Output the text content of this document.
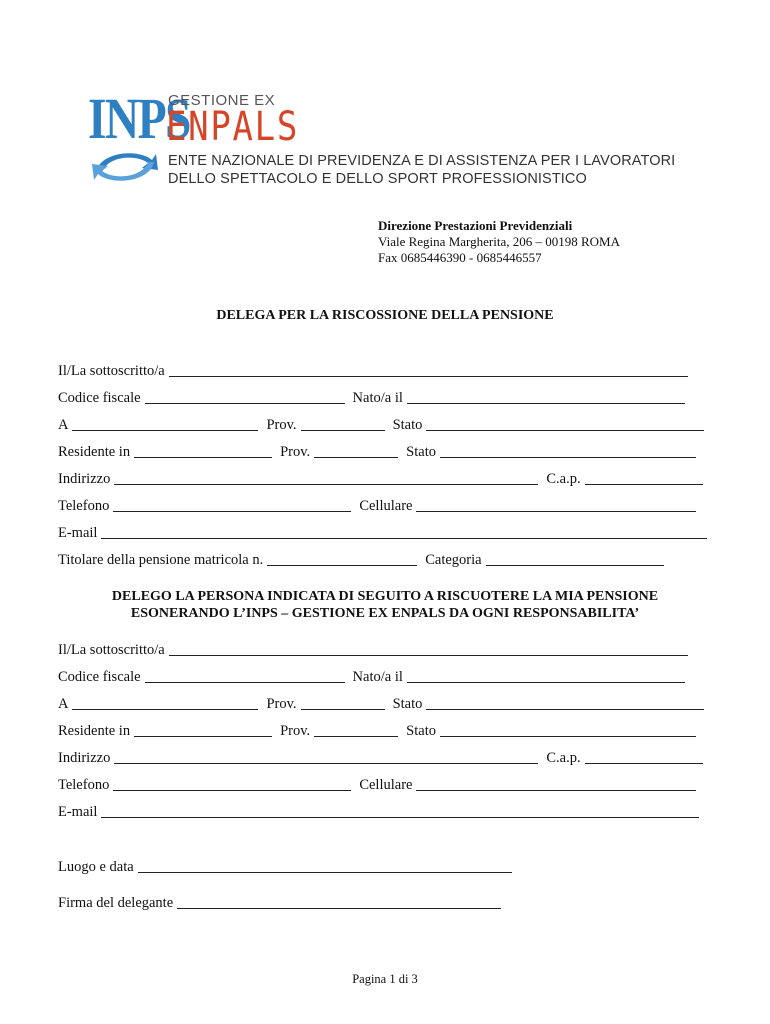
INPS
GESTIONE EX
ENPALS
ENTE NAZIONALE DI PREVIDENZA E DI ASSISTENZA PER I LAVORATORI
DELLO SPETTACOLO E DELLO SPORT PROFESSIONISTICO
Direzione Prestazioni Previdenziali
Viale Regina Margherita, 206 – 00198 ROMA
Fax 0685446390 - 0685446557
DELEGA PER LA RISCOSSIONE DELLA PENSIONE
Il/La sottoscritto/a
Codice fiscale	Nato/a il
A	Prov.	Stato
Residente in	Prov.	Stato
Indirizzo	C.a.p.
Telefono	Cellulare
E-mail
Titolare della pensione matricola n.	Categoria
DELEGO LA PERSONA INDICATA DI SEGUITO A RISCUOTERE LA MIA PENSIONE
ESONERANDO L’INPS – GESTIONE EX ENPALS DA OGNI RESPONSABILITA’
Il/La sottoscritto/a
Codice fiscale	Nato/a il
A	Prov.	Stato
Residente in	Prov.	Stato
Indirizzo	C.a.p.
Telefono	Cellulare
E-mail
Luogo e data
Firma del delegante
Pagina 1 di 3
